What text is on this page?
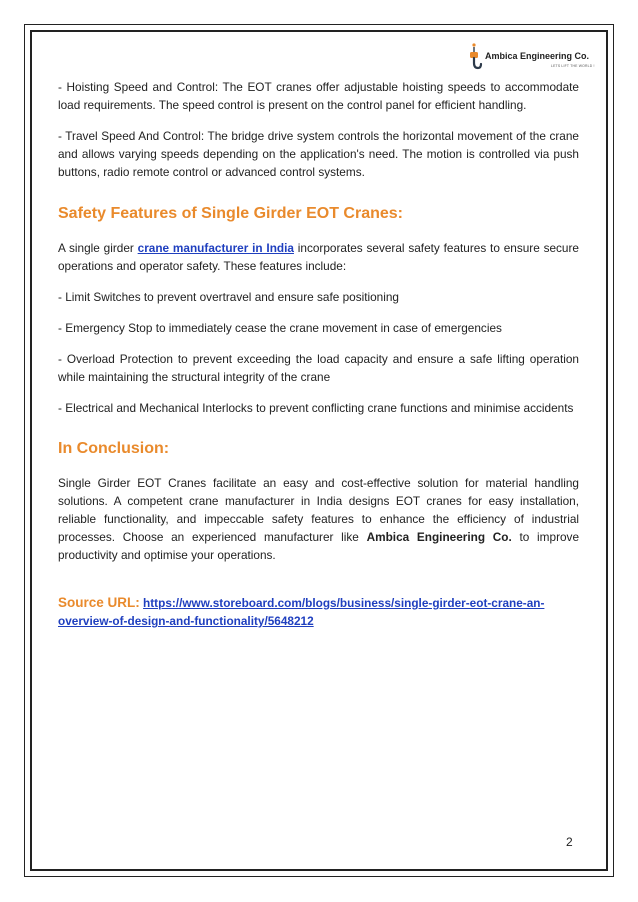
Ambica Engineering Co.
LETS LIFT THE WORLD !

- Hoisting Speed and Control: The EOT cranes offer adjustable hoisting speeds to accommodate load requirements. The speed control is present on the control panel for efficient handling.

- Travel Speed And Control: The bridge drive system controls the horizontal movement of the crane and allows varying speeds depending on the application's need. The motion is controlled via push buttons, radio remote control or advanced control systems.

Safety Features of Single Girder EOT Cranes:

A single girder crane manufacturer in India incorporates several safety features to ensure secure operations and operator safety. These features include:

- Limit Switches to prevent overtravel and ensure safe positioning

- Emergency Stop to immediately cease the crane movement in case of emergencies

- Overload Protection to prevent exceeding the load capacity and ensure a safe lifting operation while maintaining the structural integrity of the crane

- Electrical and Mechanical Interlocks to prevent conflicting crane functions and minimise accidents

In Conclusion:

Single Girder EOT Cranes facilitate an easy and cost-effective solution for material handling solutions. A competent crane manufacturer in India designs EOT cranes for easy installation, reliable functionality, and impeccable safety features to enhance the efficiency of industrial processes. Choose an experienced manufacturer like Ambica Engineering Co. to improve productivity and optimise your operations.

Source URL: https://www.storeboard.com/blogs/business/single-girder-eot-crane-an-overview-of-design-and-functionality/5648212
2
